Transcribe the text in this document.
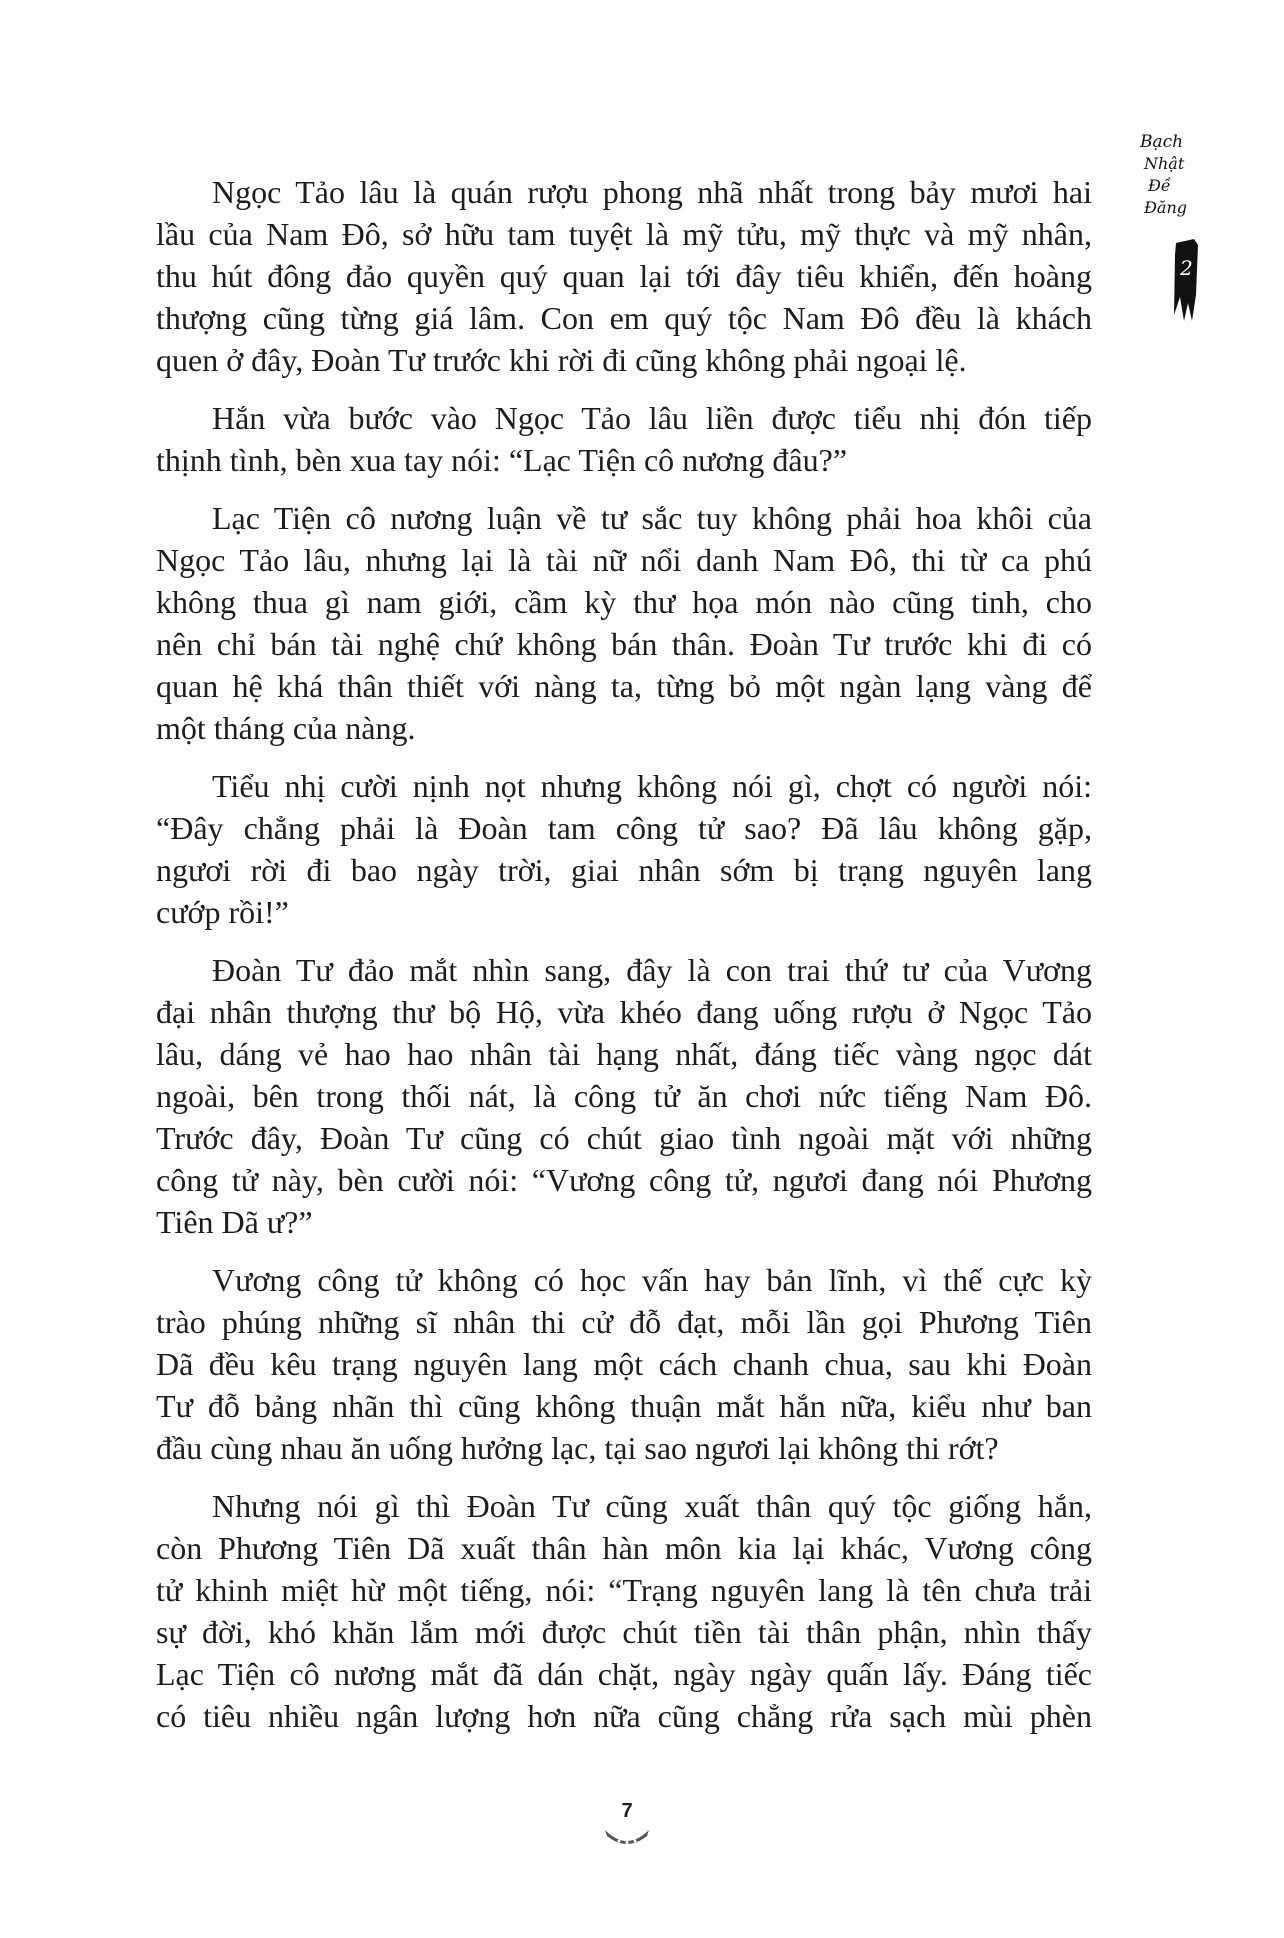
Bạch
Nhật
Đề
Đăng
2
Ngọc Tảo lâu là quán rượu phong nhã nhất trong bảy mươi hai
lầu của Nam Đô, sở hữu tam tuyệt là mỹ tửu, mỹ thực và mỹ nhân,
thu hút đông đảo quyền quý quan lại tới đây tiêu khiển, đến hoàng
thượng cũng từng giá lâm. Con em quý tộc Nam Đô đều là khách
quen ở đây, Đoàn Tư trước khi rời đi cũng không phải ngoại lệ.
Hắn vừa bước vào Ngọc Tảo lâu liền được tiểu nhị đón tiếp
thịnh tình, bèn xua tay nói: “Lạc Tiện cô nương đâu?”
Lạc Tiện cô nương luận về tư sắc tuy không phải hoa khôi của
Ngọc Tảo lâu, nhưng lại là tài nữ nổi danh Nam Đô, thi từ ca phú
không thua gì nam giới, cầm kỳ thư họa món nào cũng tinh, cho
nên chỉ bán tài nghệ chứ không bán thân. Đoàn Tư trước khi đi có
quan hệ khá thân thiết với nàng ta, từng bỏ một ngàn lạng vàng để
một tháng của nàng.
Tiểu nhị cười nịnh nọt nhưng không nói gì, chợt có người nói:
“Đây chẳng phải là Đoàn tam công tử sao? Đã lâu không gặp,
ngươi rời đi bao ngày trời, giai nhân sớm bị trạng nguyên lang
cướp rồi!”
Đoàn Tư đảo mắt nhìn sang, đây là con trai thứ tư của Vương
đại nhân thượng thư bộ Hộ, vừa khéo đang uống rượu ở Ngọc Tảo
lâu, dáng vẻ hao hao nhân tài hạng nhất, đáng tiếc vàng ngọc dát
ngoài, bên trong thối nát, là công tử ăn chơi nức tiếng Nam Đô.
Trước đây, Đoàn Tư cũng có chút giao tình ngoài mặt với những
công tử này, bèn cười nói: “Vương công tử, ngươi đang nói Phương
Tiên Dã ư?”
Vương công tử không có học vấn hay bản lĩnh, vì thế cực kỳ
trào phúng những sĩ nhân thi cử đỗ đạt, mỗi lần gọi Phương Tiên
Dã đều kêu trạng nguyên lang một cách chanh chua, sau khi Đoàn
Tư đỗ bảng nhãn thì cũng không thuận mắt hắn nữa, kiểu như ban
đầu cùng nhau ăn uống hưởng lạc, tại sao ngươi lại không thi rớt?
Nhưng nói gì thì Đoàn Tư cũng xuất thân quý tộc giống hắn,
còn Phương Tiên Dã xuất thân hàn môn kia lại khác, Vương công
tử khinh miệt hừ một tiếng, nói: “Trạng nguyên lang là tên chưa trải
sự đời, khó khăn lắm mới được chút tiền tài thân phận, nhìn thấy
Lạc Tiện cô nương mắt đã dán chặt, ngày ngày quấn lấy. Đáng tiếc
có tiêu nhiều ngân lượng hơn nữa cũng chẳng rửa sạch mùi phèn
7
